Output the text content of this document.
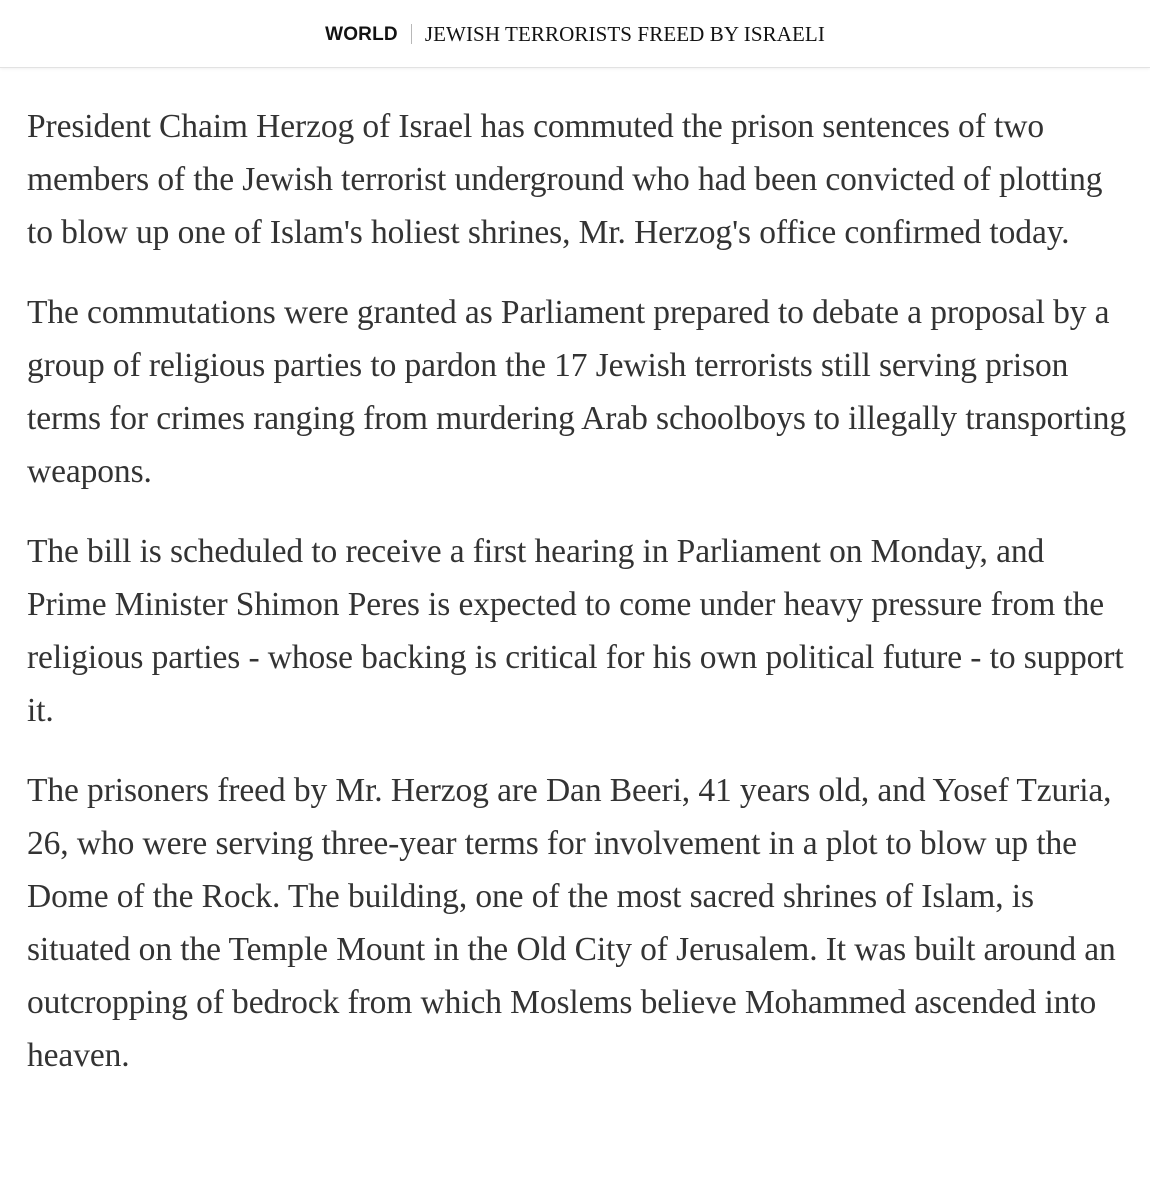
WORLD JEWISH TERRORISTS FREED BY ISRAELI

President Chaim Herzog of Israel has commuted the prison sentences of two members of the Jewish terrorist underground who had been convicted of plotting to blow up one of Islam's holiest shrines, Mr. Herzog's office confirmed today.

The commutations were granted as Parliament prepared to debate a proposal by a group of religious parties to pardon the 17 Jewish terrorists still serving prison terms for crimes ranging from murdering Arab schoolboys to illegally transporting weapons.

The bill is scheduled to receive a first hearing in Parliament on Monday, and Prime Minister Shimon Peres is expected to come under heavy pressure from the religious parties - whose backing is critical for his own political future - to support it.

The prisoners freed by Mr. Herzog are Dan Beeri, 41 years old, and Yosef Tzuria, 26, who were serving three-year terms for involvement in a plot to blow up the Dome of the Rock. The building, one of the most sacred shrines of Islam, is situated on the Temple Mount in the Old City of Jerusalem. It was built around an outcropping of bedrock from which Moslems believe Mohammed ascended into heaven.
